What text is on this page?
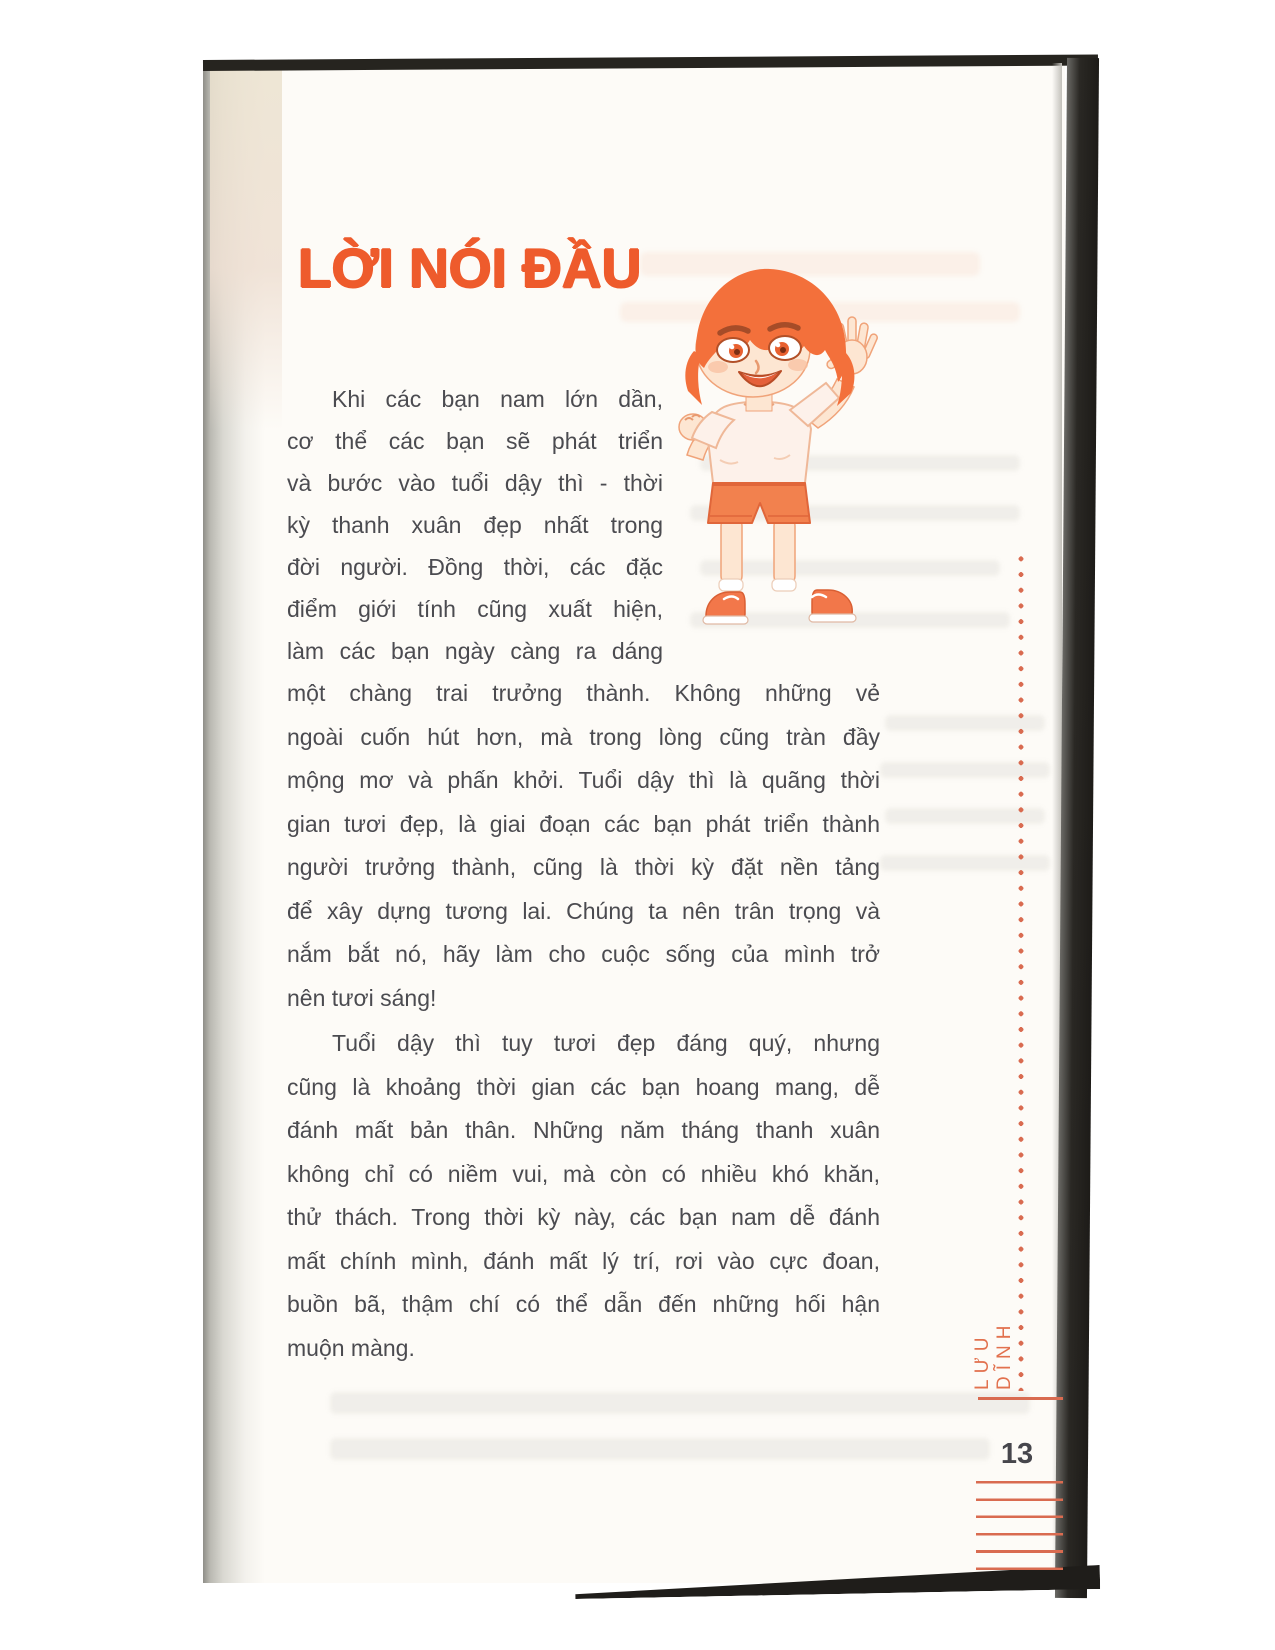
LỜI NÓI ĐẦU
Khi các bạn nam lớn dần,
cơ thể các bạn sẽ phát triển
và bước vào tuổi dậy thì - thời
kỳ thanh xuân đẹp nhất trong
đời người. Đồng thời, các đặc
điểm giới tính cũng xuất hiện,
làm các bạn ngày càng ra dáng
một chàng trai trưởng thành. Không những vẻ
ngoài cuốn hút hơn, mà trong lòng cũng tràn đầy
mộng mơ và phấn khởi. Tuổi dậy thì là quãng thời
gian tươi đẹp, là giai đoạn các bạn phát triển thành
người trưởng thành, cũng là thời kỳ đặt nền tảng
để xây dựng tương lai. Chúng ta nên trân trọng và
nắm bắt nó, hãy làm cho cuộc sống của mình trở
nên tươi sáng!
Tuổi dậy thì tuy tươi đẹp đáng quý, nhưng
cũng là khoảng thời gian các bạn hoang mang, dễ
đánh mất bản thân. Những năm tháng thanh xuân
không chỉ có niềm vui, mà còn có nhiều khó khăn,
thử thách. Trong thời kỳ này, các bạn nam dễ đánh
mất chính mình, đánh mất lý trí, rơi vào cực đoan,
buồn bã, thậm chí có thể dẫn đến những hối hận
muộn màng.	LƯU DĨNH
13
